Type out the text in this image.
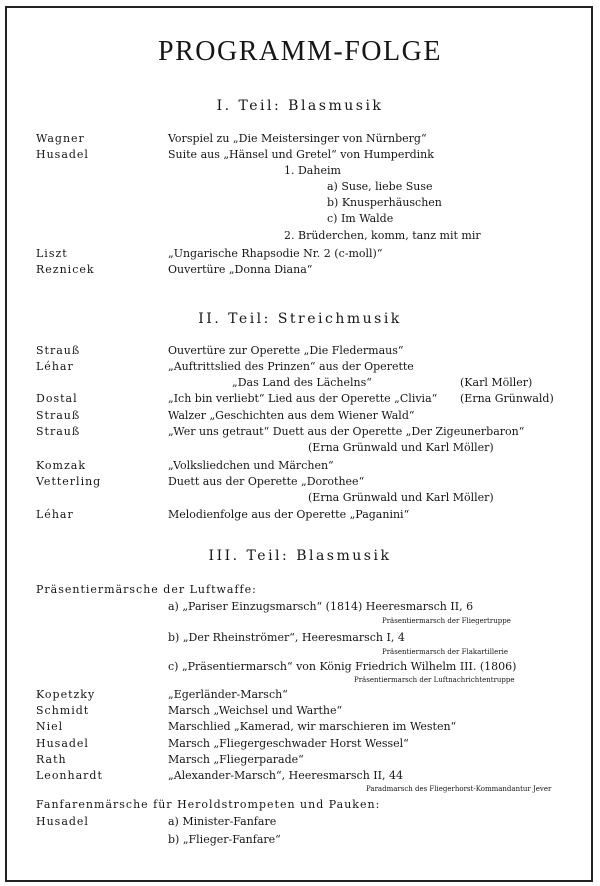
PROGRAMM-FOLGE
I. Teil: Blasmusik
Wagner	Vorspiel zu „Die Meistersinger von Nürnberg“
Husadel	Suite aus „Hänsel und Gretel“ von Humperdink
1. Daheim
a) Suse, liebe Suse
b) Knusperhäuschen
c) Im Walde
2. Brüderchen, komm, tanz mit mir
Liszt	„Ungarische Rhapsodie Nr. 2 (c-moll)“
Reznicek	Ouvertüre „Donna Diana“
II. Teil: Streichmusik
Strauß	Ouvertüre zur Operette „Die Fledermaus“
Léhar	„Auftrittslied des Prinzen“ aus der Operette
„Das Land des Lächelns“	(Karl Möller)
Dostal	„Ich bin verliebt“ Lied aus der Operette „Clivia“ (Erna Grünwald)
Strauß	Walzer „Geschichten aus dem Wiener Wald“
Strauß	„Wer uns getraut“ Duett aus der Operette „Der Zigeunerbaron“
(Erna Grünwald und Karl Möller)
Komzak	„Volksliedchen und Märchen“
Vetterling	Duett aus der Operette „Dorothee“
(Erna Grünwald und Karl Möller)
Léhar	Melodienfolge aus der Operette „Paganini“
III. Teil: Blasmusik
Präsentiermärsche der Luftwaffe:
a) „Pariser Einzugsmarsch“ (1814) Heeresmarsch II, 6
Präsentiermarsch der Fliegertruppe
b) „Der Rheinströmer“, Heeresmarsch I, 4
Präsentiermarsch der Flakartillerie
c) „Präsentiermarsch“ von König Friedrich Wilhelm III. (1806)
Präsentiermarsch der Luftnachrichtentruppe
Kopetzky	„Egerländer-Marsch“
Schmidt	Marsch „Weichsel und Warthe“
Niel	Marschlied „Kamerad, wir marschieren im Westen“
Husadel	Marsch „Fliegergeschwader Horst Wessel“
Rath	Marsch „Fliegerparade“
Leonhardt	„Alexander-Marsch“, Heeresmarsch II, 44
Paradmarsch des Fliegerhorst-Kommandantur Jever
Fanfarenmärsche für Heroldstrompeten und Pauken:
Husadel	a) Minister-Fanfare
b) „Flieger-Fanfare“
